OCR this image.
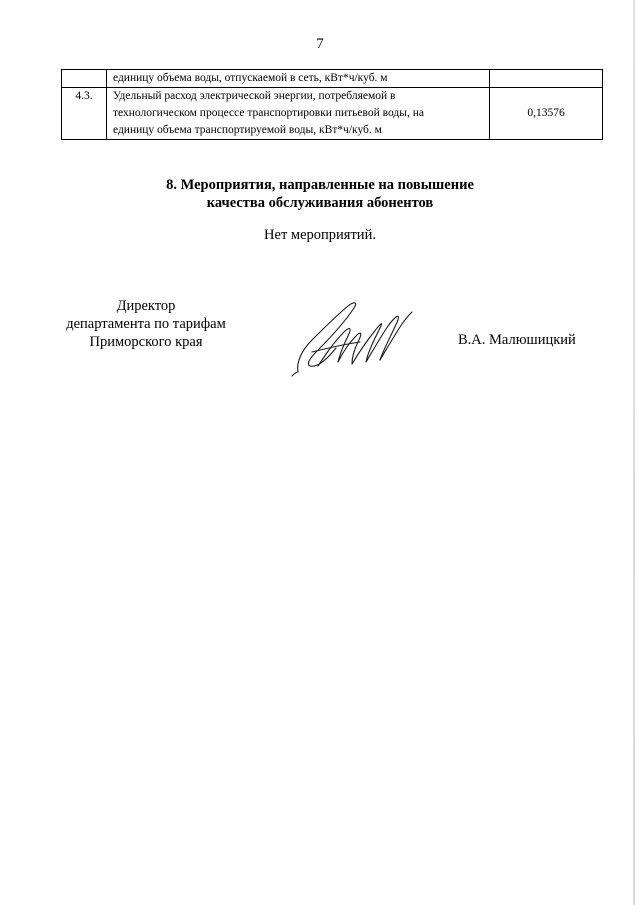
7

	единицу объема воды, отпускаемой в сеть, кВт*ч/куб. м	

4.3.	Удельный расход электрической энергии, потребляемой в
технологическом процессе транспортировки питьевой воды, на
единицу объема транспортируемой воды, кВт*ч/куб. м	0,13576
8. Мероприятия, направленные на повышение
качества обслуживания абонентов
Нет мероприятий.
Директор
департамента по тарифам
Приморского края	В.А. Малюшицкий
